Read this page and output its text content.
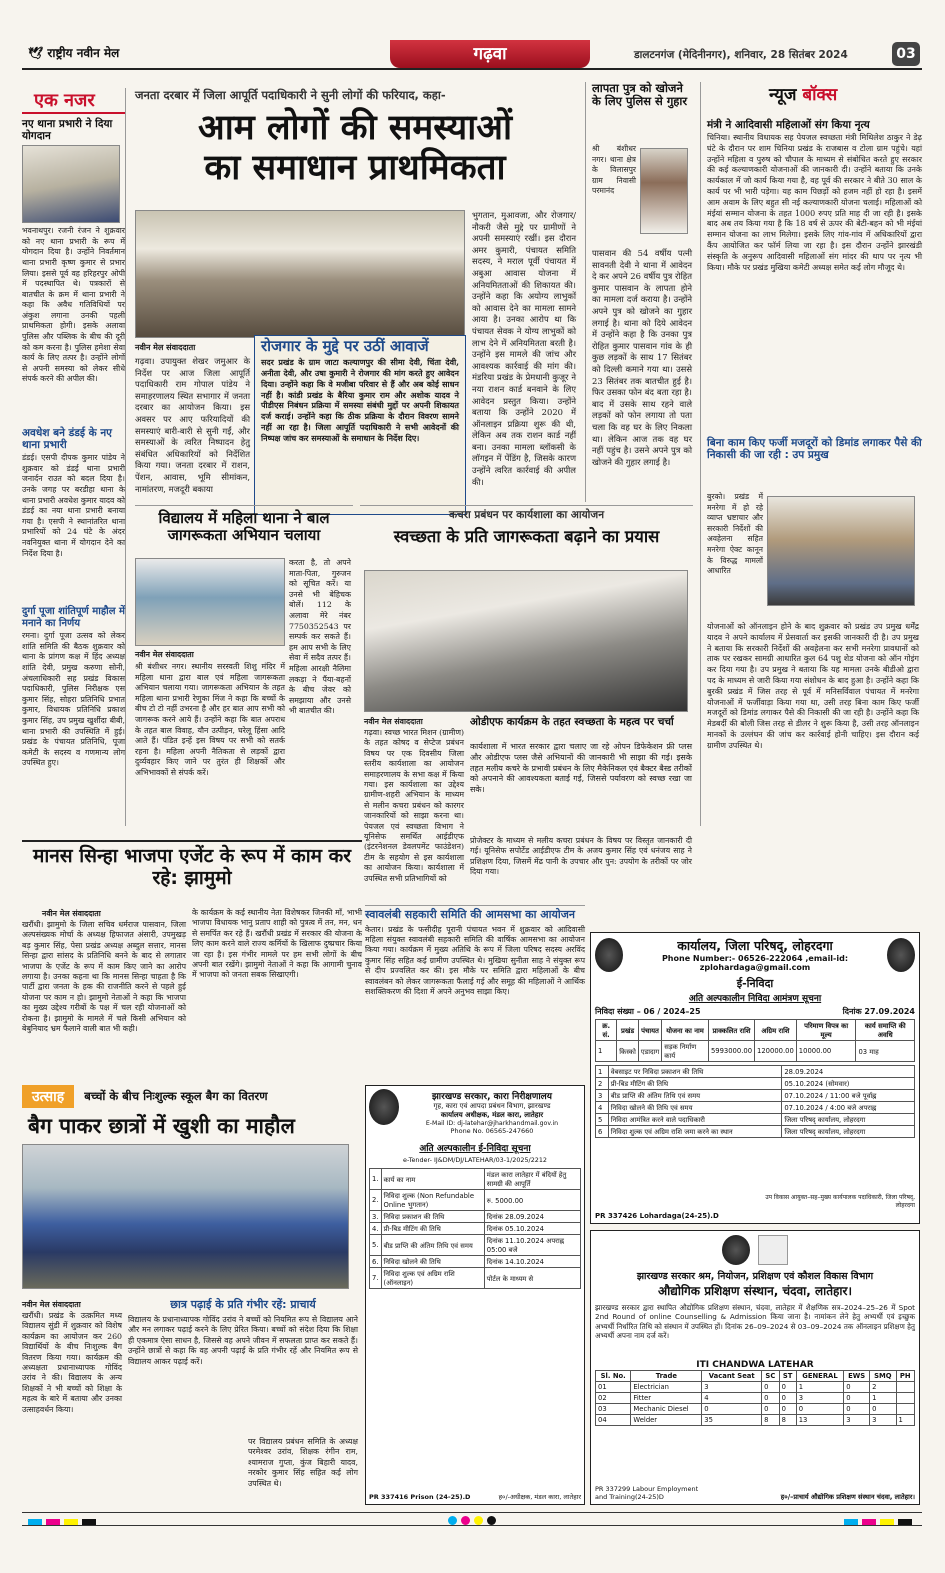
🕊 राष्ट्रीय नवीन मेल	गढ़वा	डालटनगंज (मेदिनीनगर), शनिवार, 28 सितंबर 2024	03
एक नजर
नए थाना प्रभारी ने दिया योगदान
भवनाथपुर। रजनी रंजन ने शुक्रवार को नए थाना प्रभारी के रूप में योगदान दिया है। उन्होंने निवर्तमान थाना प्रभारी कृष्ण कुमार से प्रभार लिया। इससे पूर्व वह हरिहरपुर ओपी में पदस्थापित थे। पत्रकारों से बातचीत के क्रम में थाना प्रभारी ने कहा कि अवैध गतिविधियों पर अंकुश लगाना उनकी पहली प्राथमिकता होगी। इसके अलावा पुलिस और पब्लिक के बीच की दूरी को कम करना है। पुलिस हमेशा सेवा कार्य के लिए तत्पर है। उन्होंने लोगों से अपनी समस्या को लेकर सीधे संपर्क करने की अपील की।
अवधेश बने डंडई के नए थाना प्रभारी
डंडई। एसपी दीपक कुमार पांडेय ने शुक्रवार को डंडई थाना प्रभारी जनार्दन राउत को बदल दिया है। उनके जगह पर बरडीहा थाना के थाना प्रभारी अवधेश कुमार यादव को डंडई का नया थाना प्रभारी बनाया गया है। एसपी ने स्थानांतरित थाना प्रभारियों को 24 घंटे के अंदर नवनियुक्त थाना में योगदान देने का निर्देश दिया है।
दुर्गा पूजा शांतिपूर्ण माहौल में मनाने का निर्णय
रमना। दुर्गा पूजा उत्सव को लेकर शांति समिति की बैठक शुक्रवार को थाना के प्रांगण कक्ष में हिंद अध्यक्ष शांति देवी, प्रमुख करुणा सोनी, अंचलाधिकारी सह प्रखंड विकास पदाधिकारी, पुलिस निरीक्षक एस कुमार सिंह, सोहरा प्रतिनिधि प्रभात कुमार, विधायक प्रतिनिधि प्रकाश कुमार सिंह, उप प्रमुख खुर्शीदा बीबी, थाना प्रभारी की उपस्थिति में हुई। प्रखंड के पंचायत प्रतिनिधि, पूजा कमेटी के सदस्य व गणमान्य लोग उपस्थित हुए।
जनता दरबार में जिला आपूर्ति पदाधिकारी ने सुनी लोगों की फरियाद, कहा-
आम लोगों की समस्याओं
का समाधान प्राथमिकता
नवीन मेल संवाददाता
गढ़वा। उपायुक्त शेखर जमुआर के निर्देश पर आज जिला आपूर्ति पदाधिकारी राम गोपाल पांडेय ने समाहरणालय स्थित सभागार में जनता दरबार का आयोजन किया। इस अवसर पर आए फरियादियों की समस्याएं बारी-बारी से सुनी गईं, और समस्याओं के त्वरित निष्पादन हेतु संबंधित अधिकारियों को निर्देशित किया गया। जनता दरबार में राशन, पेंशन, आवास, भूमि सीमांकन, नामांतरण, मजदूरी बकाया
रोजगार के मुद्दे पर उठीं आवाजें
सदर प्रखंड के ग्राम जाटा कल्याणपुर की सीमा देवी, चिंता देवी, अनीता देवी, और उषा कुमारी ने रोजगार की मांग करते हुए आवेदन दिया। उन्होंने कहा कि वे मजीबा परिवार से हैं और अब कोई साधन नहीं है। कांडी प्रखंड के बैरिया कुमार राम और अशोक यादव ने पीडीएस निबंधन प्रक्रिया में समस्या संबंधी मुद्दों पर अपनी शिकायत दर्ज कराई। उन्होंने कहा कि ठीक प्रक्रिया के दौरान विवरण सामने नहीं आ रहा है। जिला आपूर्ति पदाधिकारी ने सभी आवेदनों की निष्पक्ष जांच कर समस्याओं के समाधान के निर्देश दिए।
भुगतान, मुआवजा, और रोजगार/नौकरी जैसे मुद्दे पर ग्रामीणों ने अपनी समस्याएं रखीं। इस दौरान अमर कुमारी, पंचायत समिति सदस्य, ने मराल पूर्वी पंचायत में अबुआ आवास योजना में अनियमितताओं की शिकायत की। उन्होंने कहा कि अयोग्य लाभुकों को आवास देने का मामला सामने आया है। उनका आरोप था कि पंचायत सेवक ने योग्य लाभुकों को लाभ देने में अनियमितता बरती है। उन्होंने इस मामले की जांच और आवश्यक कार्रवाई की मांग की। मंडरिया प्रखंड के प्रेमधानी कुजूर ने नया राशन कार्ड बनवाने के लिए आवेदन प्रस्तुत किया। उन्होंने बताया कि उन्होंने 2020 में ऑनलाइन प्रक्रिया शुरू की थी, लेकिन अब तक राशन कार्ड नहीं बना। उनका मामला ब्लॉकसी के लॉगइन में पेंडिंग है, जिसके कारण उन्होंने त्वरित कार्रवाई की अपील की।
लापता पुत्र को खोजने के लिए पुलिस से गुहार
श्री बंशीधर नगर। थाना क्षेत्र के विलासपुर ग्राम निवासी परमानंद
पासवान की 54 वर्षीय पत्नी सावनती देवी ने थाना में आवेदन दे कर अपने 26 वर्षीय पुत्र रोहित कुमार पासवान के लापता होने का मामला दर्ज कराया है। उन्होंने अपने पुत्र को खोजने का गुहार लगाई है। थाना को दिये आवेदन में उन्होंने कहा है कि उनका पुत्र रोहित कुमार पासवान गांव के ही कुछ लड़कों के साथ 17 सितंबर को दिल्ली कमाने गया था। उससे 23 सितंबर तक बातचीत हुई है। फिर उसका फोन बंद बता रहा है। बाद में उसके साथ रहने वाले लड़कों को फोन लगाया तो पता चला कि वह घर के लिए निकला था। लेकिन आज तक वह घर नहीं पहुंच है। उसने अपने पुत्र को खोजने की गुहार लगाई है।
न्यूज बॉक्स
मंत्री ने आदिवासी महिलाओं संग किया नृत्य
चिनिया। स्थानीय विधायक सह पेयजल स्वच्छता मंत्री मिथिलेश ठाकुर ने डेढ़ घंटे के दौरान पर शाम चिनिया प्रखंड के राजबास व टोला ग्राम पहुंचे। यहां उन्होंने महिला व पुरुष को चौपाल के माध्यम से संबोधित करते हुए सरकार की कई कल्याणकारी योजनाओं की जानकारी दी। उन्होंने बताया कि उनके कार्यकाल में जो कार्य किया गया है, वह पूर्व की सरकार ने बीते 30 साल के कार्य पर भी भारी पड़ेगा। यह काम पिछड़ों को हजम नहीं हो रहा है। इसमें आम अवाम के लिए बहुत सी नई कल्याणकारी योजना चलाई। महिलाओं को मंईयां सम्मान योजना के तहत 1000 रुपए प्रति माह दी जा रही है। इसके बाद अब तय किया गया है कि 18 वर्ष से ऊपर की बेटी-बहन को भी मंईयां सम्मान योजना का लाभ मिलेगा। इसके लिए गांव-गांव में अधिकारियों द्वारा कैंप आयोजित कर फॉर्म लिया जा रहा है। इस दौरान उन्होंने झारखंडी संस्कृति के अनुरूप आदिवासी महिलाओं संग मांदर की थाप पर नृत्य भी किया। मौके पर प्रखंड मुखिया कमेटी अध्यक्ष समेत कई लोग मौजूद थे।
बिना काम किए फर्जी मजदूरों को डिमांड लगाकर पैसे की निकासी की जा रही : उप प्रमुख
बुरको। प्रखंड में मनरेगा में हो रहे व्याप्त भ्रष्टाचार और सरकारी निर्देशों की अवहेलना सहित मनरेगा ऐक्ट कानून के विरुद्ध मामलों आधारित
योजनाओं को ऑनलाइन होने के बाद शुक्रवार को प्रखंड उप प्रमुख धर्मेंद्र यादव ने अपने कार्यालय में प्रेसवार्ता कर इसकी जानकारी दी है। उप प्रमुख ने बताया कि सरकारी निर्देशों की अवहेलना कर सभी मनरेगा प्रावधानों को ताक पर रखकर सामग्री आधारित कुल 64 पशु शेड योजना को ऑन गोइंग कर दिया गया है। उप प्रमुख ने बताया कि यह मामला उनके बीडीओ द्वारा पद के माध्यम से जारी किया गया संशोधन के बाद हुआ है। उन्होंने कहा कि बुरकी प्रखंड में जिस तरह से पूर्व में मनिसर्विवाल पंचायत में मनरेगा योजनाओं में फर्जीवाड़ा किया गया था, उसी तरह बिना काम किए फर्जी मजदूरों को डिमांड लगाकर पैसे की निकासी की जा रही है। उन्होंने कहा कि मेडबर्दी की बोली जिस तरह से डीलर ने शुरू किया है, उसी तरह ऑनलाइन मानकों के उल्लंघन की जांच कर कार्रवाई होनी चाहिए। इस दौरान कई ग्रामीण उपस्थित थे।
विद्यालय में महिला थाना ने बाल जागरूकता अभियान चलाया
करता है, तो अपने माता-पिता, गुरुजन को सूचित करें। या उनसे भी बेहिचक बोलें। 112 के अलावा मेरे नंबर 7750352543 पर सम्पर्क कर सकते हैं। हम आप सभी के लिए सेवा में सदैव तत्पर हैं। महिला आरक्षी नैलिमा लकड़ा ने पैंया-बहनों के बीच जेवर को समझाया और उनसे भी बातचीत की।
नवीन मेल संवाददाता
श्री बंशीधर नगर। स्थानीय सरस्वती शिशु मंदिर में महिला थाना द्वारा बाल एवं महिला जागरूकता अभियान चलाया गया। जागरूकता अभियान के तहत महिला थाना प्रभारी रेणुका मिंज ने कहा कि बच्चों के बीच टो टो नहीं उभरना है और हर बात आप सभी को जागरूक करने आये हैं। उन्होंने कहा कि बात अपराध के तहत बाल विवाह, यौन उत्पीड़न, घरेलू हिंसा आदि आते हैं। पंडित इन्हें इस विषय पर सभी को सतर्क रहना है। महिला अपनी नैतिकता से लड़कों द्वारा दुर्व्यवहार किए जाने पर तुरंत ही शिक्षकों और अभिभावकों से संपर्क करें।
कचरा प्रबंधन पर कार्यशाला का आयोजन
स्वच्छता के प्रति जागरूकता बढ़ाने का प्रयास
नवीन मेल संवाददाता
गढ़वा। स्वच्छ भारत मिशन (ग्रामीण) के तहत कोषद व सेप्टेज प्रबंधन विषय पर एक दिवसीय जिला स्तरीय कार्यशाला का आयोजन समाहरणालय के सभा कक्ष में किया गया। इस कार्यशाला का उद्देश्य ग्रामीण-शहरी अभियान के माध्यम से मलीन कचरा प्रबंधन को कारगर जानकारियों को साझा करना था। पेयजल एवं स्वच्छता विभाग ने यूनिसेफ समर्थित आईडीएफ (इंटरनेशनल डेवलपमेंट फाउंडेशन) टीम के सहयोग से इस कार्यशाला का आयोजन किया। कार्यशाला में उपस्थित सभी प्रतिभागियों को
ओडीएफ कार्यक्रम के तहत स्वच्छता के महत्व पर चर्चा
कार्यशाला में भारत सरकार द्वारा चलाए जा रहे ओपन डिफेकेशन फ्री प्लस और ओडीएफ प्लस जैसे अभियानों की जानकारी भी साझा की गई। इसके तहत मलीय कचरे के प्रभावी प्रबंधन के लिए मैकेनिकल एवं बैक्टर बैस्ड तरीकों को अपनाने की आवश्यकता बताई गई, जिससे पर्यावरण को स्वच्छ रखा जा सके।
मानस सिन्हा भाजपा एजेंट के रूप में काम कर रहे: झामुमो
नवीन मेल संवाददाता
खरौंधी। झामुमो के जिला सचिव धर्मराज पासवान, जिला अल्पसंख्यक मोर्चा के अध्यक्ष हिफाजत अंसारी, उपमुखड़ बड़ कुमार सिंह, पेसा प्रखंड अध्यक्ष अब्दुल सत्तार, मानस सिन्हा द्वारा सांसद के प्रतिनिधि बनने के बाद से लगातार भाजपा के एजेंट के रूप में काम किए जाने का आरोप लगाया है। उनका कहना था कि मानस सिन्हा चाहता है कि पार्टी द्वारा जनता के हक की राजनीति करने से पहले हुई योजना पर काम न हो। झामुमो नेताओं ने कहा कि भाजपा का मुख्य उद्देश्य गरीबों के पक्ष में चल रही योजनाओं को रोकना है। झामुमो के मामले में चले किसी अभियान को बेबुनियाद भ्रम फैलाने वाली बात भी कही।
के कार्यक्रम के कई स्थानीय नेता विशेषकर जिनकी माँ, भाभी भाजपा विधायक भानु प्रताप शाही को पुत्रत्व में तन, मन, धन से समर्पित कर रहे हैं। खरौंधी प्रखंड में सरकार की योजना के लिए काम करने वाले राज्य कर्मियों के खिलाफ दुष्प्रचार किया जा रहा है। इस गंभीर मामले पर हम सभी लोगों के बीच अपनी बात रखेंगे। झामुमो नेताओं ने कहा कि आगामी चुनाव में भाजपा को जनता सबक सिखाएगी।
प्रोजेक्टर के माध्यम से मलीय कचरा प्रबंधन के विषय पर विस्तृत जानकारी दी गई। यूनिसेफ सपोर्टेड आईडीएफ टीम के अजय कुमार सिंह एवं धनंजय साह ने प्रशिक्षण दिया, जिसमें मेंढ पानी के उपचार और पुन: उपयोग के तरीकों पर जोर दिया गया।
स्वावलंबी सहकारी समिति की आमसभा का आयोजन
केतार। प्रखंड के फसीदीह पूरानी पंचायत भवन में शुक्रवार को आदिवासी महिला संयुक्त स्वावलंबी सहकारी समिति की वार्षिक आमसभा का आयोजन किया गया। कार्यक्रम में मुख्य अतिथि के रूप में जिला परिषद सदस्य अरविंद कुमार सिंह सहित कई ग्रामीण उपस्थित थे। मुखिया सुनीता साह ने संयुक्त रूप से दीप प्रज्वलित कर की। इस मौके पर समिति द्वारा महिलाओं के बीच स्वावलंबन को लेकर जागरूकता फैलाई गई और समूह की महिलाओं ने आर्थिक सशक्तिकरण की दिशा में अपने अनुभव साझा किए।
उत्साह	बच्चों के बीच निःशुल्क स्कूल बैग का वितरण
बैग पाकर छात्रों में खुशी का माहौल
नवीन मेल संवाददाता
खरौंधी। प्रखंड के उत्क्रमित मध्य विद्यालय सुंडी में शुक्रवार को विशेष कार्यक्रम का आयोजन कर 260 विद्यार्थियों के बीच निःशुल्क बैग वितरण किया गया। कार्यक्रम की अध्यक्षता प्रधानाध्यापक गोविंद उरांव ने की। विद्यालय के अन्य शिक्षकों ने भी बच्चों को शिक्षा के महत्व के बारे में बताया और उनका उत्साहवर्धन किया।
छात्र पढ़ाई के प्रति गंभीर रहें: प्राचार्य
विद्यालय के प्रधानाध्यापक गोविंद उरांव ने बच्चों को नियमित रूप से विद्यालय आने और मन लगाकर पढ़ाई करने के लिए प्रेरित किया। बच्चों को संदेश दिया कि शिक्षा ही एकमात्र ऐसा साधन है, जिससे वह अपने जीवन में सफलता प्राप्त कर सकते हैं। उन्होंने छात्रों से कहा कि वह अपनी पढ़ाई के प्रति गंभीर रहें और नियमित रूप से विद्यालय आकर पढ़ाई करें।
पर विद्यालय प्रबंधन समिति के अध्यक्ष परमेश्वर उरांव, शिक्षक रंगीन राम, श्यामराज गुप्ता, कुंज बिहारी यादव, नरकोर कुमार सिंह सहित कई लोग उपस्थित थे।
झारखण्ड सरकार, कारा निरीक्षणालय
गृह, कारा एवं आपदा प्रबंधन विभाग, झारखण्ड
कार्यालय अधीक्षक, मंडल कारा, लातेहार
E-Mail ID: dj-latehar@jharkhandmail.gov.in
Phone No. 06565-247660
अति अल्पकालीन ई-निविदा सूचना
e-Tender- IJ&DM/DJ/LATEHAR/03-1/2025/2212
1.	कार्य का नाम	मंडल कारा लातेहार में बंदियों हेतु सामग्री की आपूर्ति
2.	निविदा शुल्क (Non Refundable Online भुगतान)	रु. 5000.00
3.	निविदा प्रकाशन की तिथि	दिनांक 28.09.2024
4.	प्री-बिड मीटिंग की तिथि	दिनांक 05.10.2024
5.	बीड प्राप्ति की अंतिम तिथि एवं समय	दिनांक 11.10.2024 अपराह्न 05:00 बजे
6.	निविदा खोलने की तिथि	दिनांक 14.10.2024
7.	निविदा शुल्क एवं अग्रिम राशि (ऑनलाइन)	पोर्टल के माध्यम से
PR 337416 Prison (24-25).D	ह०/-अधीक्षक, मंडल कारा, लातेहार
कार्यालय, जिला परिषद्, लोहरदगा
Phone Number:- 06526-222064 ,email-id: zplohardaga@gmail.com
ई-निविदा
अति अल्पकालीन निविदा आमंत्रण सूचना
निविदा संख्या – 06 / 2024–25	दिनांक 27.09.2024
क्र. सं.	प्रखंड	पंचायत	योजना का नाम	प्राक्कलित राशि	अग्रिम राशि	परिमाण विपत्र का मूल्य	कार्य समाप्ति की अवधि
1	किस्को	एडादाग	सड़क निर्माण कार्य	5993000.00	120000.00	10000.00	03 माह
1	वेबसाइट पर निविदा प्रकाशन की तिथि	28.09.2024
2	प्री-बिड मीटिंग की तिथि	05.10.2024 (सोमवार)
3	बीड प्राप्ति की अंतिम तिथि एवं समय	07.10.2024 / 11:00 बजे पूर्वाह्न
4	निविदा खोलने की तिथि एवं समय	07.10.2024 / 4:00 बजे अपराह्न
5	निविदा आमंत्रित करने वाले पदाधिकारी	जिला परिषद् कार्यालय, लोहरदगा
6	निविदा शुल्क एवं अग्रिम राशि जमा करने का स्थान	जिला परिषद् कार्यालय, लोहरदगा
PR 337426 Lohardaga(24-25).D
उप विकास आयुक्त–सह–मुख्य कार्यपालक पदाधिकारी, जिला परिषद्, लोहरदगा
झारखण्ड सरकार श्रम, नियोजन, प्रशिक्षण एवं कौशल विकास विभाग
औद्योगिक प्रशिक्षण संस्थान, चंदवा, लातेहार।
झारखण्ड सरकार द्वारा स्थापित औद्योगिक प्रशिक्षण संस्थान, चंदवा, लातेहार में शैक्षणिक सत्र–2024–25–26 में Spot 2nd Round of online Counselling & Admission किया जाना है। नामांकन लेने हेतु अभ्यर्थी एवं इच्छुक अभ्यर्थी निर्धारित तिथि को संस्थान में उपस्थित हों। दिनांक 26–09–2024 से 03–09–2024 तक ऑनलाइन प्रशिक्षण हेतु अभ्यर्थी अपना नाम दर्ज करें।
ITI CHANDWA LATEHAR
Sl. No.	Trade	Vacant Seat	SC	ST	GENERAL	EWS	SMQ	PH
01	Electrician	3	0	0	1	0	2	
02	Fitter	4	0	0	3	0	1	
03	Mechanic Diesel	0	0	0	0	0	0	
04	Welder	35	8	8	13	3	3	1
PR 337299 Labour Employment and Training(24-25)D	ह०/–प्राचार्य औद्योगिक प्रशिक्षण संस्थान चंदवा, लातेहार।
